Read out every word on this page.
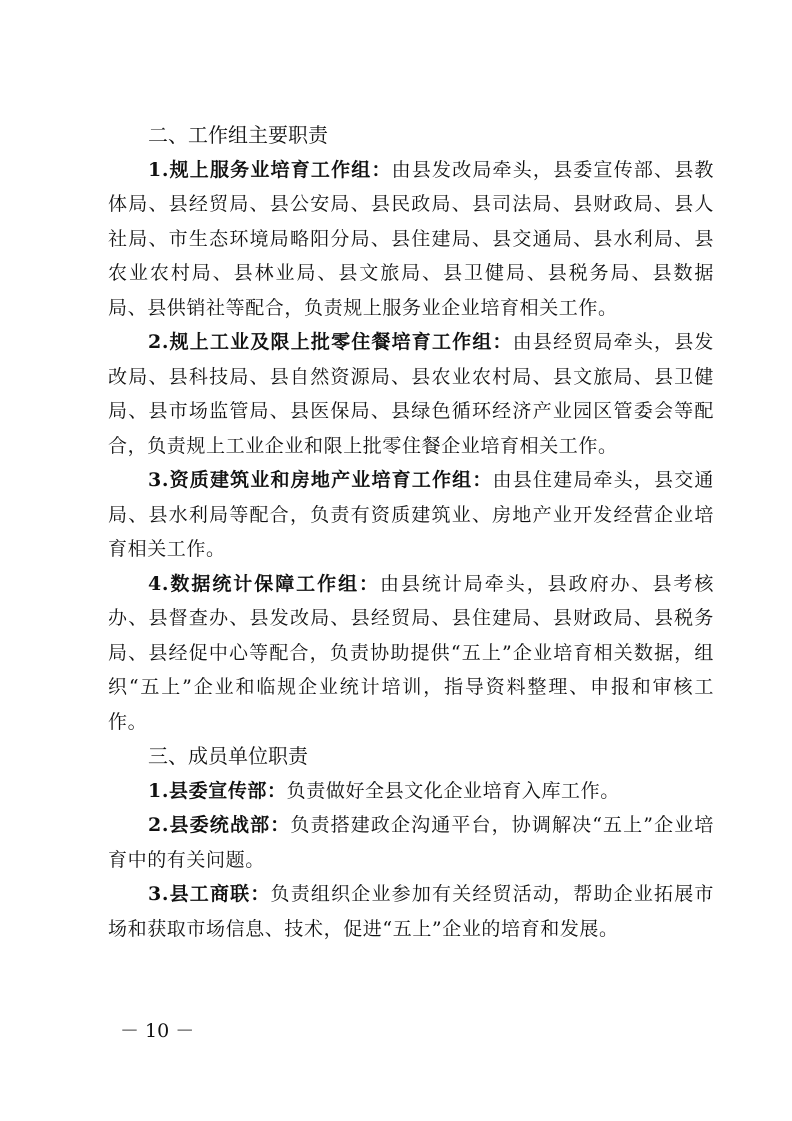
二、工作组主要职责

1.规上服务业培育工作组：由县发改局牵头，县委宣传部、县教体局、县经贸局、县公安局、县民政局、县司法局、县财政局、县人社局、市生态环境局略阳分局、县住建局、县交通局、县水利局、县农业农村局、县林业局、县文旅局、县卫健局、县税务局、县数据局、县供销社等配合，负责规上服务业企业培育相关工作。

2.规上工业及限上批零住餐培育工作组：由县经贸局牵头，县发改局、县科技局、县自然资源局、县农业农村局、县文旅局、县卫健局、县市场监管局、县医保局、县绿色循环经济产业园区管委会等配合，负责规上工业企业和限上批零住餐企业培育相关工作。

3.资质建筑业和房地产业培育工作组：由县住建局牵头，县交通局、县水利局等配合，负责有资质建筑业、房地产业开发经营企业培育相关工作。

4.数据统计保障工作组：由县统计局牵头，县政府办、县考核办、县督查办、县发改局、县经贸局、县住建局、县财政局、县税务局、县经促中心等配合，负责协助提供“五上”企业培育相关数据，组织“五上”企业和临规企业统计培训，指导资料整理、申报和审核工作。

三、成员单位职责

1.县委宣传部：负责做好全县文化企业培育入库工作。

2.县委统战部：负责搭建政企沟通平台，协调解决“五上”企业培育中的有关问题。

3.县工商联：负责组织企业参加有关经贸活动，帮助企业拓展市场和获取市场信息、技术，促进“五上”企业的培育和发展。

－ 10 －
